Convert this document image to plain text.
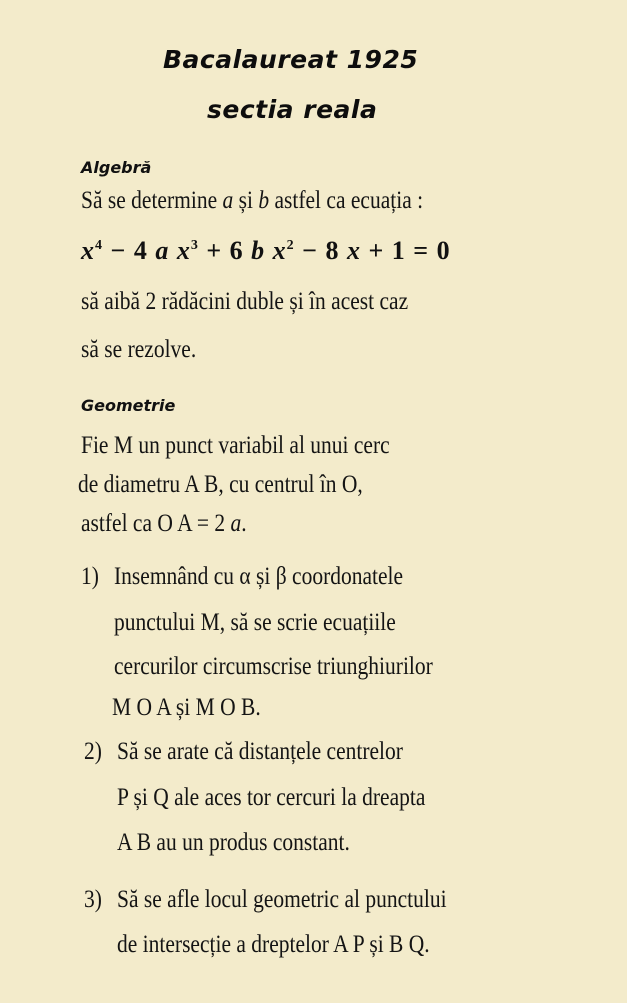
Bacalaureat 1925
sectia reala
Algebră
Să se determine a și b astfel ca ecuația :
$x^4 - 4$ a $x^3 + 6$ b $x^2 - 8$ x + 1 = 0
să aibă 2 rădăcini duble și în acest caz
să se rezolve.
Geometrie
Fie M un punct variabil al unui cerc
de diametru A B, cu centrul în O,
astfel ca O A = 2 a.
1) Insemnând cu α și β coordonatele
punctului M, să se scrie ecuațiile
cercurilor circumscrise triunghiurilor
M O A și M O B.
2) Să se arate că distanțele centrelor
P și Q ale aces tor cercuri la dreapta
A B au un produs constant.
3) Să se afle locul geometric al punctului
de intersecție a dreptelor A P și B Q.
